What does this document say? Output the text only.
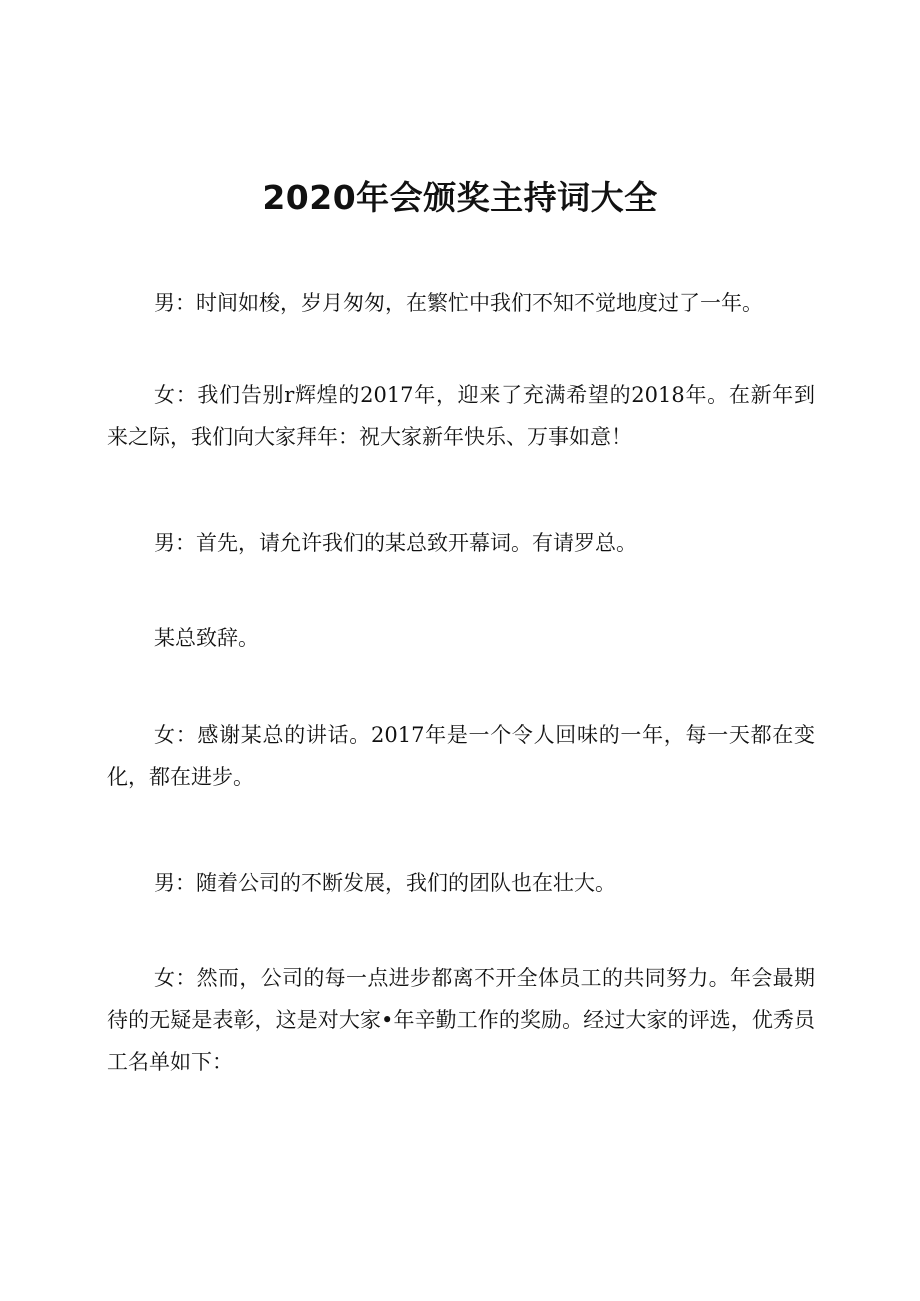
2020年会颁奖主持词大全

男：时间如梭，岁月匆匆，在繁忙中我们不知不觉地度过了一年。

女：我们告别r辉煌的2017年，迎来了充满希望的2018年。在新年到来之际，我们向大家拜年：祝大家新年快乐、万事如意！

男：首先，请允许我们的某总致开幕词。有请罗总。

某总致辞。

女：感谢某总的讲话。2017年是一个令人回味的一年，每一天都在变化，都在进步。

男：随着公司的不断发展，我们的团队也在壮大。

女：然而，公司的每一点进步都离不开全体员工的共同努力。年会最期待的无疑是表彰，这是对大家•年辛勤工作的奖励。经过大家的评选，优秀员工名单如下：
